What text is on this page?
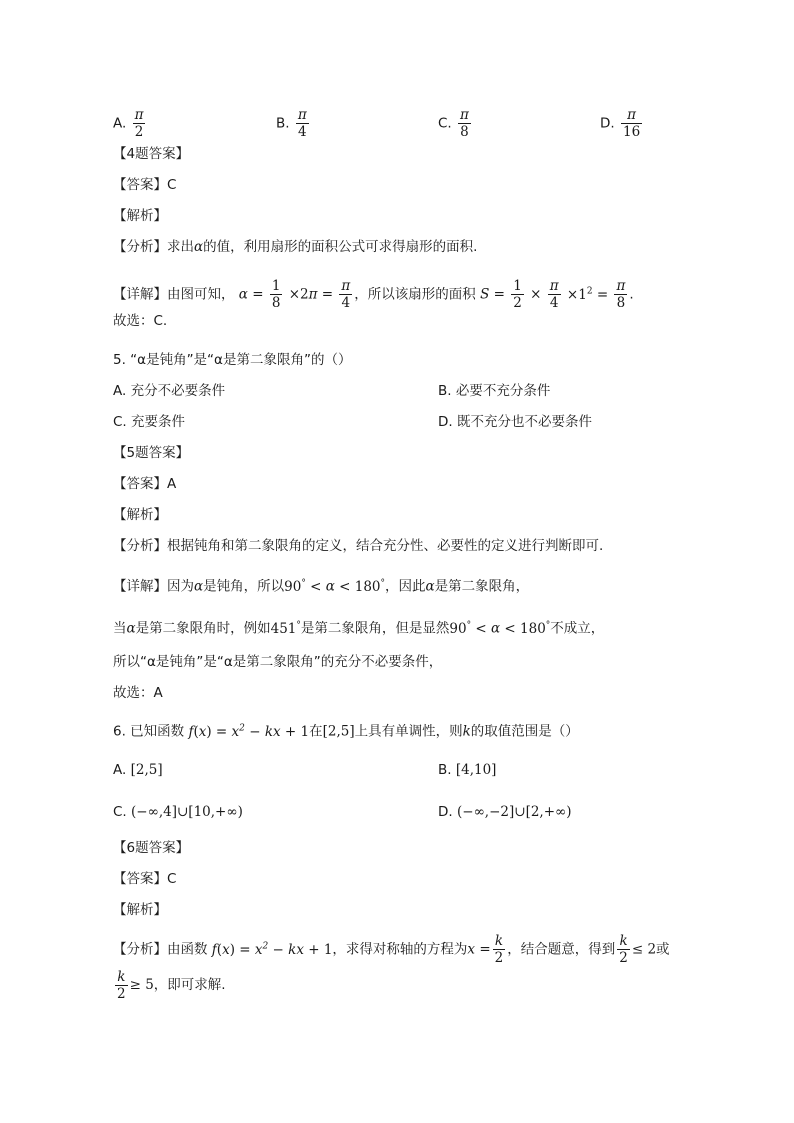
A. $\frac{\pi}{2}$	B. $\frac{\pi}{4}$	C. $\frac{\pi}{8}$	D. $\frac{\pi}{16}$
【4题答案】
【答案】C
【解析】
【分析】求出α的值，利用扇形的面积公式可求得扇形的面积.
【详解】由图可知， $\alpha = \frac{1}{8} \times 2\pi = \frac{\pi}{4}$ ，所以该扇形的面积 $S = \frac{1}{2} \times \frac{\pi}{4} \times 1^2 = \frac{\pi}{8}$ .
故选：C.
5. “α是钝角”是“α是第二象限角”的（）
A. 充分不必要条件	B. 必要不充分条件
C. 充要条件	D. 既不充分也不必要条件
【5题答案】
【答案】A
【解析】
【分析】根据钝角和第二象限角的定义，结合充分性、必要性的定义进行判断即可.
【详解】因为α是钝角，所以90° < α < 180°，因此α是第二象限角，
当α是第二象限角时，例如451°是第二象限角，但是显然90° < α < 180°不成立，
所以“α是钝角”是“α是第二象限角”的充分不必要条件，
故选：A
6. 已知函数 $f(x) = x^2$ − kx + 1在[2,5]上具有单调性，则k的取值范围是（）
A. [2,5]	B. [4,10]
C. (−∞,4]∪[10,+∞)	D. (−∞,−2]∪[2,+∞)
【6题答案】
【答案】C
【解析】
【分析】由函数 $f(x) = x^2$ − kx + 1，求得对称轴的方程为$x = \frac{k}{2}$ ，结合题意，得到 $\frac{k}{2} \le 2$或
$\frac{k}{2} \ge 5$，即可求解.
